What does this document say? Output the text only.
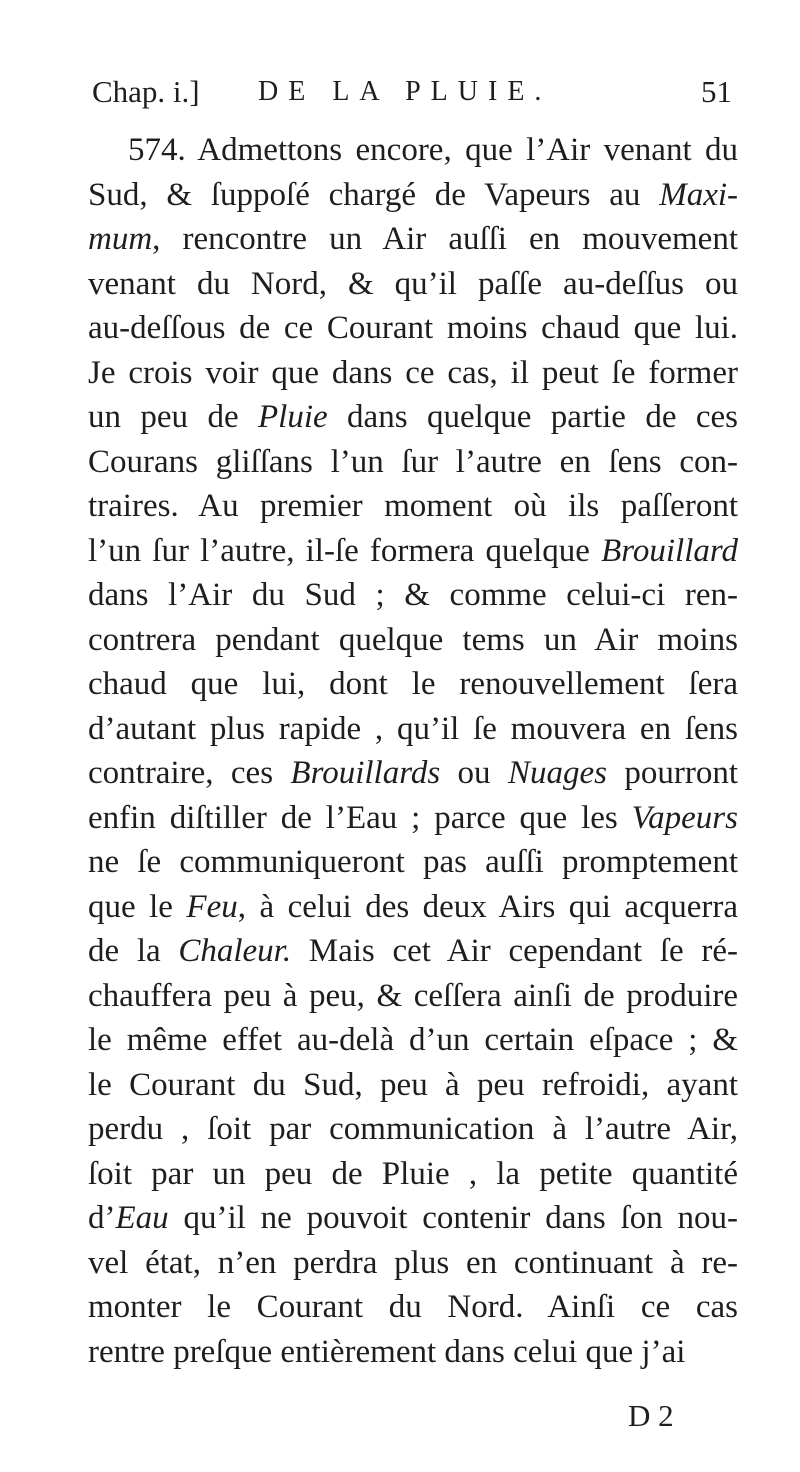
Chap. i.] DE LA PLUIE.	51
574. Admettons encore, que l’Air venant du
Sud, & ſuppoſé chargé de Vapeurs au Maxi-
mum, rencontre un Air auſſi en mouvement
venant du Nord, & qu’il paſſe au-deſſus ou
au-deſſous de ce Courant moins chaud que lui.
Je crois voir que dans ce cas, il peut ſe former
un peu de Pluie dans quelque partie de ces
Courans gliſſans l’un ſur l’autre en ſens con-
traires. Au premier moment où ils paſſeront
l’un ſur l’autre, il-ſe formera quelque Brouillard
dans l’Air du Sud ; & comme celui-ci ren-
contrera pendant quelque tems un Air moins
chaud que lui, dont le renouvellement ſera
d’autant plus rapide , qu’il ſe mouvera en ſens
contraire, ces Brouillards ou Nuages pourront
enfin diſtiller de l’Eau ; parce que les Vapeurs
ne ſe communiqueront pas auſſi promptement
que le Feu, à celui des deux Airs qui acquerra
de la Chaleur. Mais cet Air cependant ſe ré-
chauffera peu à peu, & ceſſera ainſi de produire
le même effet au-delà d’un certain eſpace ; &
le Courant du Sud, peu à peu refroidi, ayant
perdu , ſoit par communication à l’autre Air,
ſoit par un peu de Pluie , la petite quantité
d’Eau qu’il ne pouvoit contenir dans ſon nou-
vel état, n’en perdra plus en continuant à re-
monter le Courant du Nord. Ainſi ce cas
rentre preſque entièrement dans celui que j’ai
D 2
